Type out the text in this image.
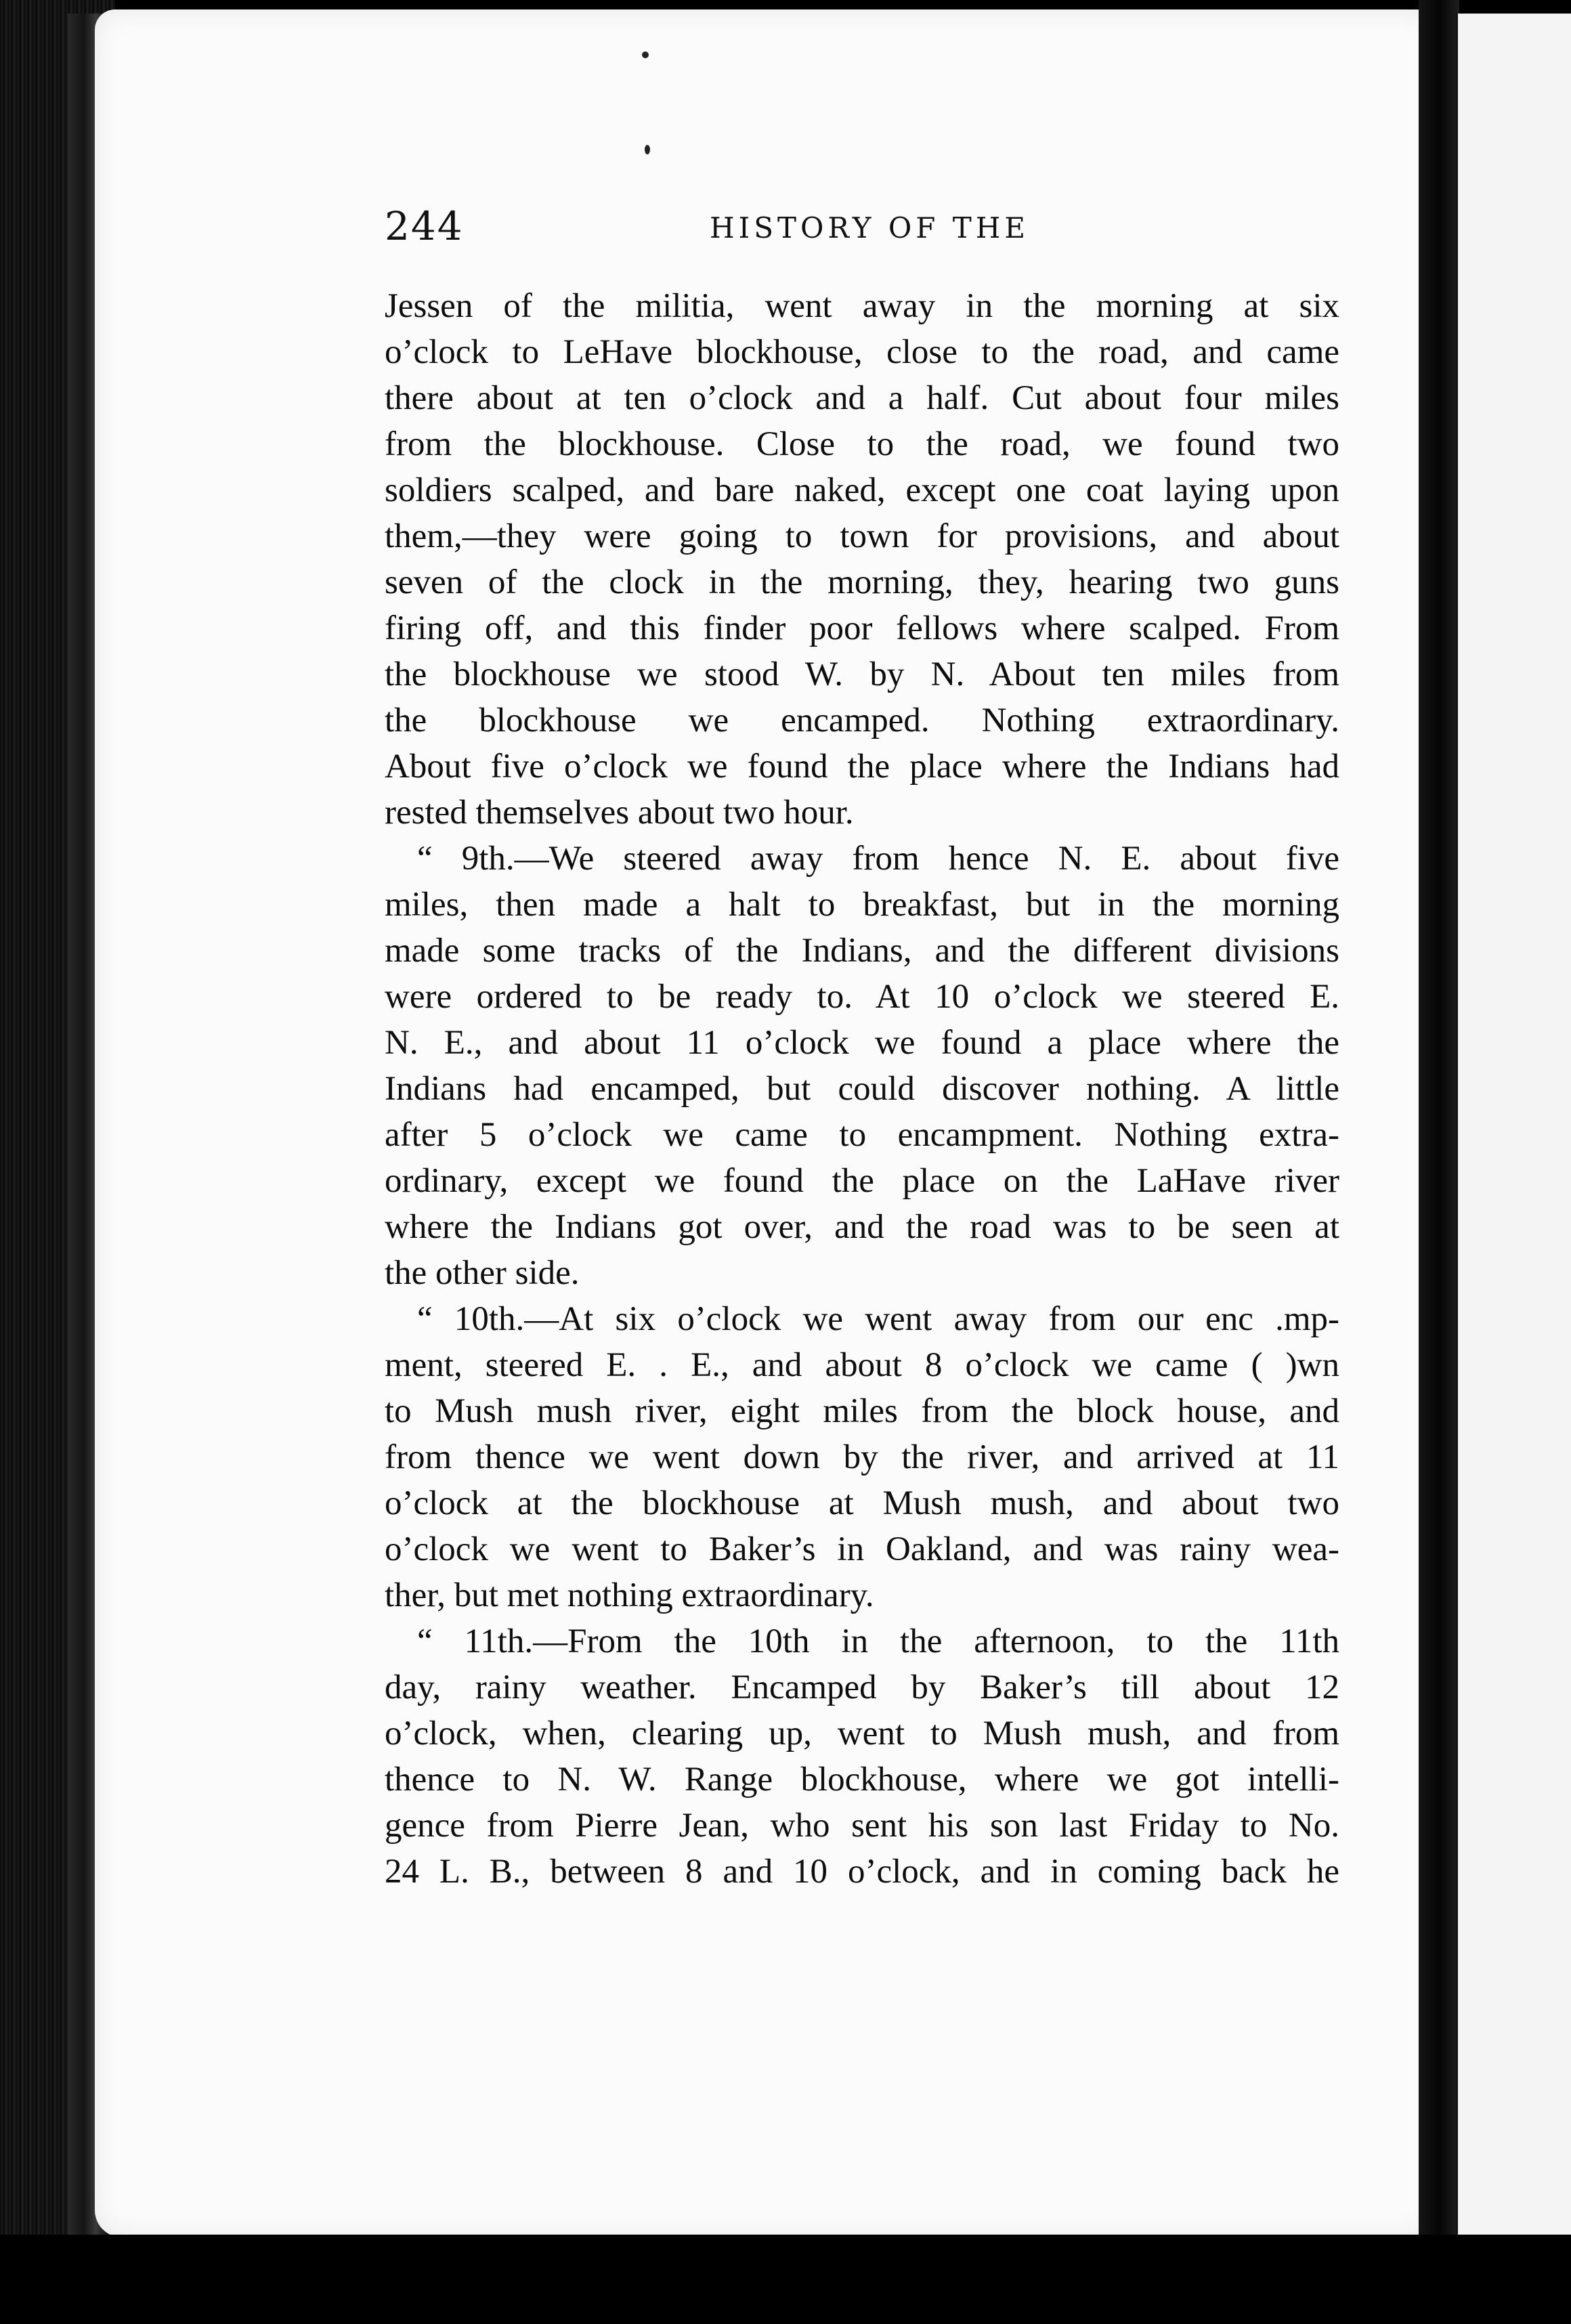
244	HISTORY OF THE
Jessen of the militia, went away in the morning at six
o’clock to LeHave blockhouse, close to the road, and came
there about at ten o’clock and a half. Cut about four miles
from the blockhouse. Close to the road, we found two
soldiers scalped, and bare naked, except one coat laying upon
them,—they were going to town for provisions, and about
seven of the clock in the morning, they, hearing two guns
firing off, and this finder poor fellows where scalped. From
the blockhouse we stood W. by N. About ten miles from
the blockhouse we encamped. Nothing extraordinary.
About five o’clock we found the place where the Indians had
rested themselves about two hour.
“ 9th.—We steered away from hence N. E. about five
miles, then made a halt to breakfast, but in the morning
made some tracks of the Indians, and the different divisions
were ordered to be ready to. At 10 o’clock we steered E.
N. E., and about 11 o’clock we found a place where the
Indians had encamped, but could discover nothing. A little
after 5 o’clock we came to encampment. Nothing extra-
ordinary, except we found the place on the LaHave river
where the Indians got over, and the road was to be seen at
the other side.
“ 10th.—At six o’clock we went away from our enc .mp-
ment, steered E. . E., and about 8 o’clock we came ( )wn
to Mush mush river, eight miles from the block house, and
from thence we went down by the river, and arrived at 11
o’clock at the blockhouse at Mush mush, and about two
o’clock we went to Baker’s in Oakland, and was rainy wea-
ther, but met nothing extraordinary.
“ 11th.—From the 10th in the afternoon, to the 11th
day, rainy weather. Encamped by Baker’s till about 12
o’clock, when, clearing up, went to Mush mush, and from
thence to N. W. Range blockhouse, where we got intelli-
gence from Pierre Jean, who sent his son last Friday to No.
24 L. B., between 8 and 10 o’clock, and in coming back he
